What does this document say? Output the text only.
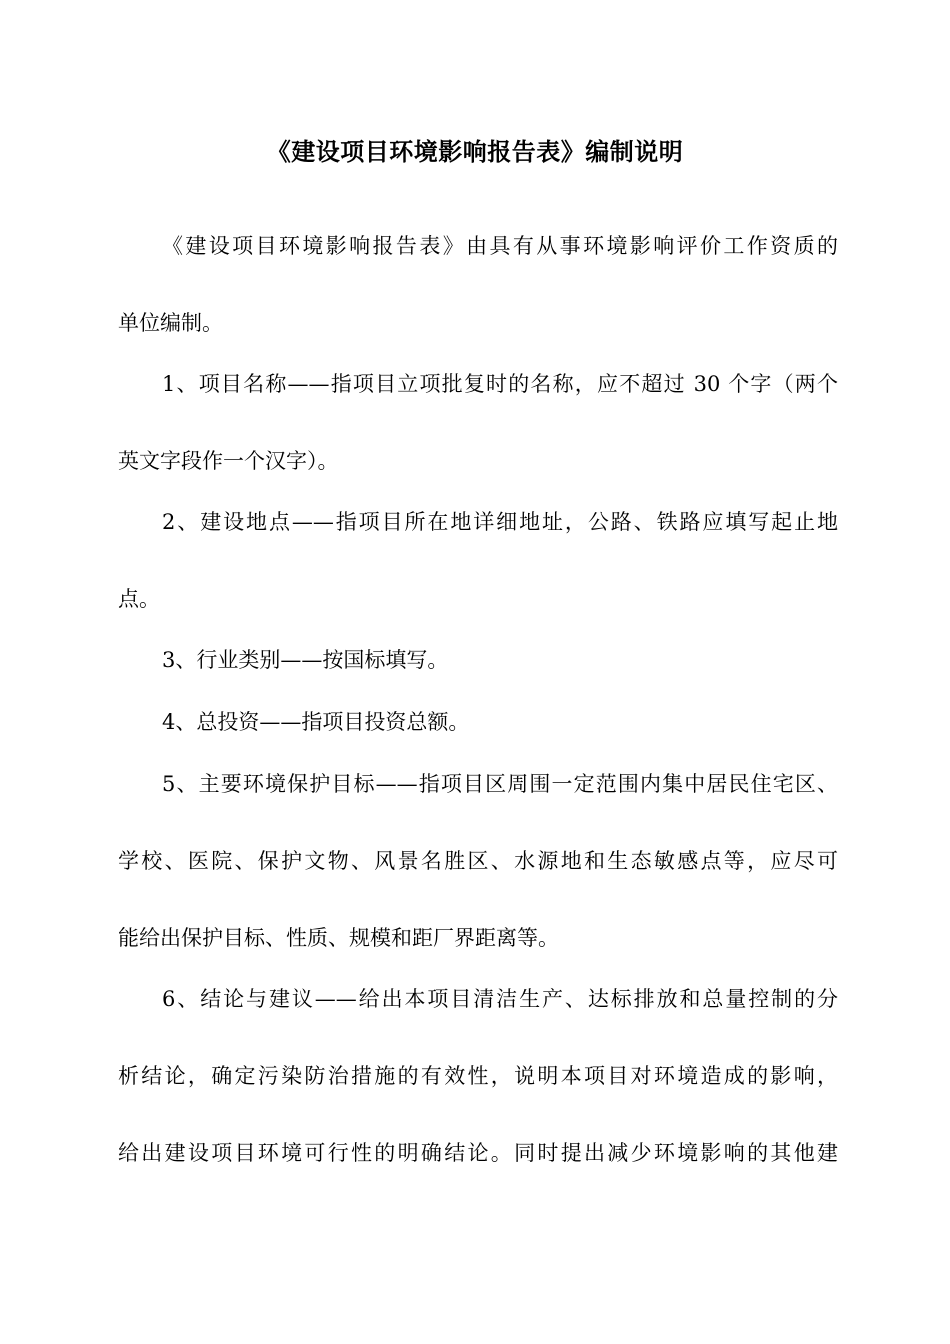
《建设项目环境影响报告表》编制说明

《建设项目环境影响报告表》由具有从事环境影响评价工作资质的

单位编制。

1、项目名称——指项目立项批复时的名称，应不超过 30 个字（两个

英文字段作一个汉字）。

2、建设地点——指项目所在地详细地址，公路、铁路应填写起止地

点。

3、行业类别——按国标填写。

4、总投资——指项目投资总额。

5、主要环境保护目标——指项目区周围一定范围内集中居民住宅区、

学校、医院、保护文物、风景名胜区、水源地和生态敏感点等，应尽可

能给出保护目标、性质、规模和距厂界距离等。

6、结论与建议——给出本项目清洁生产、达标排放和总量控制的分

析结论，确定污染防治措施的有效性，说明本项目对环境造成的影响，

给出建设项目环境可行性的明确结论。同时提出减少环境影响的其他建
